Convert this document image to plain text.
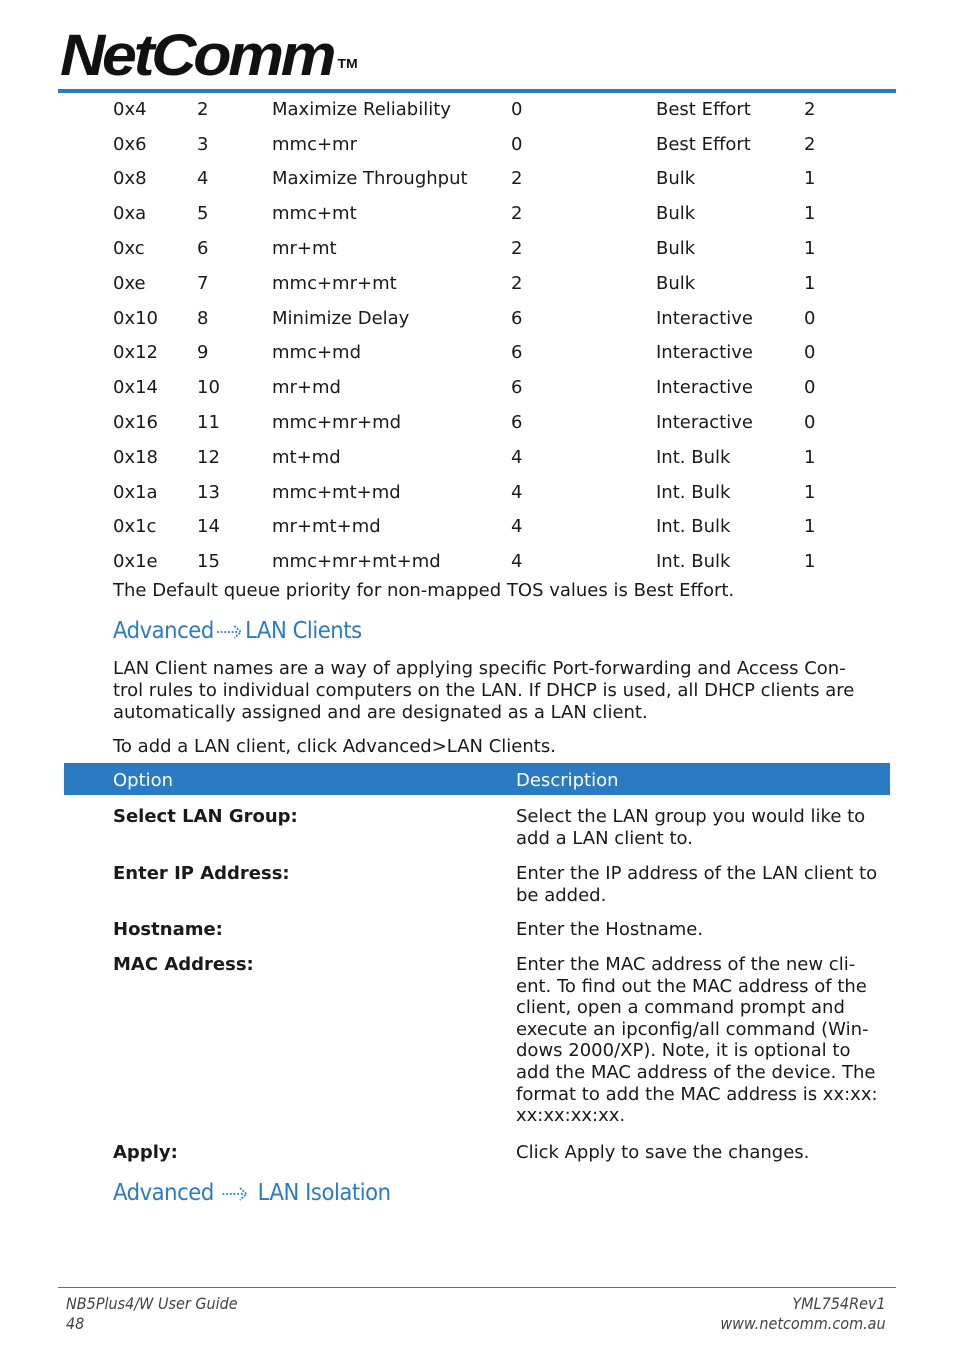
NetComm ™
0x4	2	Maximize Reliability	0	Best Effort	2
0x6	3	mmc+mr	0	Best Effort	2
0x8	4	Maximize Throughput	2	Bulk	1
0xa	5	mmc+mt	2	Bulk	1
0xc	6	mr+mt	2	Bulk	1
0xe	7	mmc+mr+mt	2	Bulk	1
0x10	8	Minimize Delay	6	Interactive	0
0x12	9	mmc+md	6	Interactive	0
0x14	10	mr+md	6	Interactive	0
0x16	11	mmc+mr+md	6	Interactive	0
0x18	12	mt+md	4	Int. Bulk	1
0x1a	13	mmc+mt+md	4	Int. Bulk	1
0x1c	14	mr+mt+md	4	Int. Bulk	1
0x1e	15	mmc+mr+mt+md	4	Int. Bulk	1
The Default queue priority for non-mapped TOS values is Best Effort.
Advanced LAN Clients
LAN Client names are a way of applying specific Port-forwarding and Access Con-
trol rules to individual computers on the LAN. If DHCP is used, all DHCP clients are
automatically assigned and are designated as a LAN client.
To add a LAN client, click Advanced>LAN Clients.
Option	Description
Select LAN Group:	Select the LAN group you would like to
add a LAN client to.
Enter IP Address:	Enter the IP address of the LAN client to
be added.
Hostname:	Enter the Hostname.
MAC Address:	Enter the MAC address of the new cli-
ent. To find out the MAC address of the
client, open a command prompt and
execute an ipconfig/all command (Win-
dows 2000/XP). Note, it is optional to
add the MAC address of the device. The
format to add the MAC address is xx:xx:
xx:xx:xx:xx.
Apply:	Click Apply to save the changes.
Advanced LAN Isolation
NB5Plus4/W User Guide
48
YML754Rev1
www.netcomm.com.au
